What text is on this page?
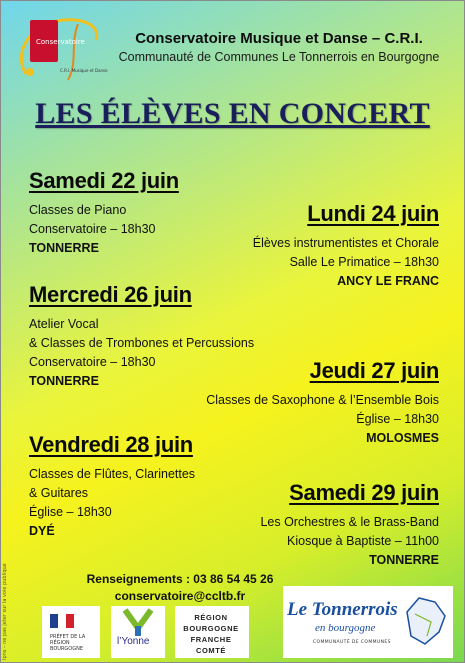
Conservatoire
C.R.I. Musique et Danse
Conservatoire Musique et Danse – C.R.I.
Communauté de Communes Le Tonnerrois en Bourgogne
LES ÉLÈVES EN CONCERT
Samedi 22 juin
Classes de Piano
Conservatoire – 18h30
TONNERRE
Lundi 24 juin
Élèves instrumentistes et Chorale
Salle Le Primatice – 18h30
ANCY LE FRANC
Mercredi 26 juin
Atelier Vocal
& Classes de Trombones et Percussions
Conservatoire – 18h30
TONNERRE	Jeudi 27 juin
Classes de Saxophone & l’Ensemble Bois
Église – 18h30
MOLOSMES
Vendredi 28 juin
Classes de Flûtes, Clarinettes
& Guitares
Église – 18h30
DYÉ
Samedi 29 juin
Les Orchestres & le Brass-Band
Kiosque à Baptiste – 11h00
TONNERRE
Renseignements : 03 86 54 45 26
conservatoire@ccltb.fr
Ipns – ne pas jeter sur la voie publique	PRÉFET DE LA RÉGION BOURGOGNE
l’Yonne
RÉGION
BOURGOGNE
FRANCHE
COMTÉ
Le Tonnerrois
en bourgogne
COMMUNAUTÉ DE COMMUNES
